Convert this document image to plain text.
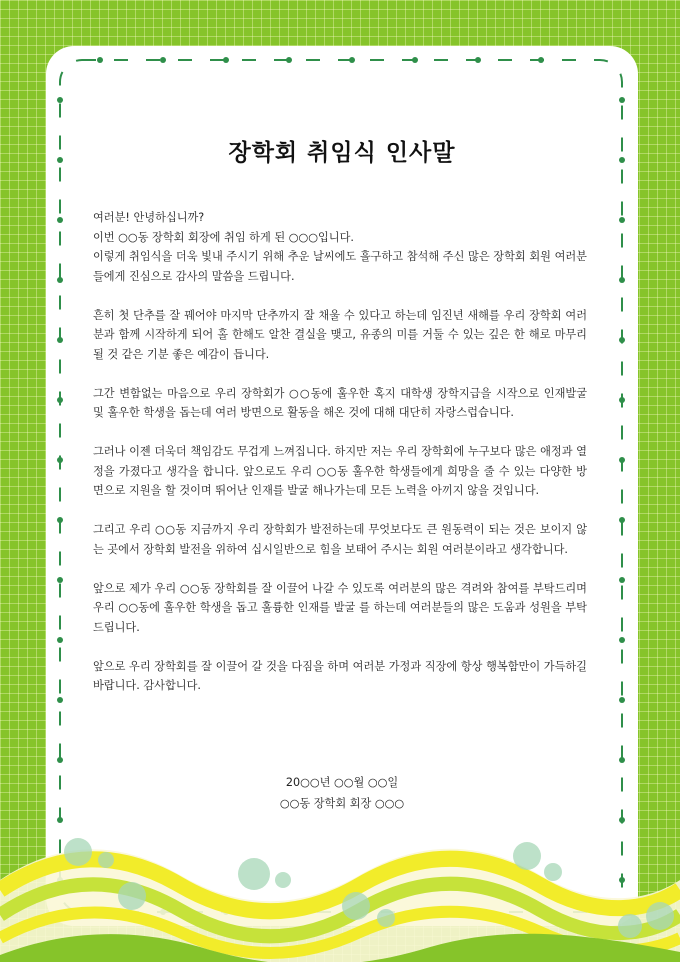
장학회 취임식 인사말

여러분! 안녕하십니까?
이번 ○○동 장학회 회장에 취임 하게 된 ○○○입니다.
이렇게 취임식을 더욱 빛내 주시기 위해 추운 날씨에도 흘구하고 참석해 주신 많은 장학회 회원 여러분들에게 진심으로 감사의 말씀을 드립니다.

흔히 첫 단추를 잘 꿰어야 마지막 단추까지 잘 채울 수 있다고 하는데 임진년 새해를 우리 장학회 여러분과 함께 시작하게 되어 홀 한해도 알찬 결실을 맺고, 유종의 미를 거둘 수 있는 깊은 한 해로 마무리 될 것 같은 기분 좋은 예감이 듭니다.

그간 변함없는 마음으로 우리 장학회가 ○○동에 훌우한 혹지 대학생 장학지급을 시작으로 인재발굴 및 훌우한 학생을 돕는데 여러 방면으로 활동을 해온 것에 대해 대단히 자랑스럽습니다.

그러나 이젠 더욱더 책임감도 무겁게 느껴집니다. 하지만 저는 우리 장학회에 누구보다 많은 애정과 열정을 가졌다고 생각을 합니다. 앞으로도 우리 ○○동 훌우한 학생들에게 희망을 줄 수 있는 다양한 방면으로 지원을 할 것이며 뛰어난 인재를 발굴 해나가는데 모든 노력을 아끼지 않을 것입니다.

그리고 우리 ○○동 지금까지 우리 장학회가 발전하는데 무엇보다도 큰 원동력이 되는 것은 보이지 않는 곳에서 장학회 발전을 위하여 십시일반으로 힘을 보태어 주시는 회원 여러분이라고 생각합니다.

앞으로 제가 우리 ○○동 장학회를 잘 이끌어 나갈 수 있도록 여러분의 많은 격려와 참여를 부탁드리며 우리 ○○동에 훌우한 학생을 돕고 훌륭한 인재를 발굴 를 하는데 여러분들의 많은 도움과 성원을 부탁드립니다.

앞으로 우리 장학회를 잘 이끌어 갈 것을 다짐을 하며 여러분 가정과 직장에 항상 행복함만이 가득하길 바랍니다. 감사합니다.

20○○년 ○○월 ○○일
○○동 장학회 회장 ○○○
